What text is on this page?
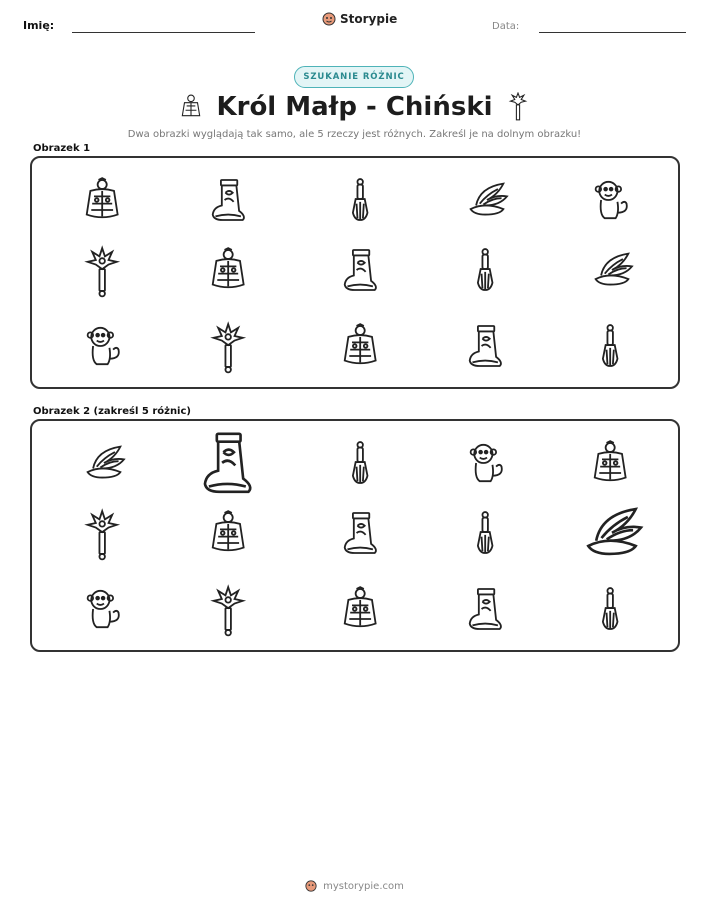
Imię:	Storypie
Data:
SZUKANIE RÓŻNIC
Król Małp - Chiński
Dwa obrazki wyglądają tak samo, ale 5 rzeczy jest różnych. Zakreśl je na dolnym obrazku!
Obrazek 1
Obrazek 2 (zakreśl 5 różnic)
mystorypie.com
